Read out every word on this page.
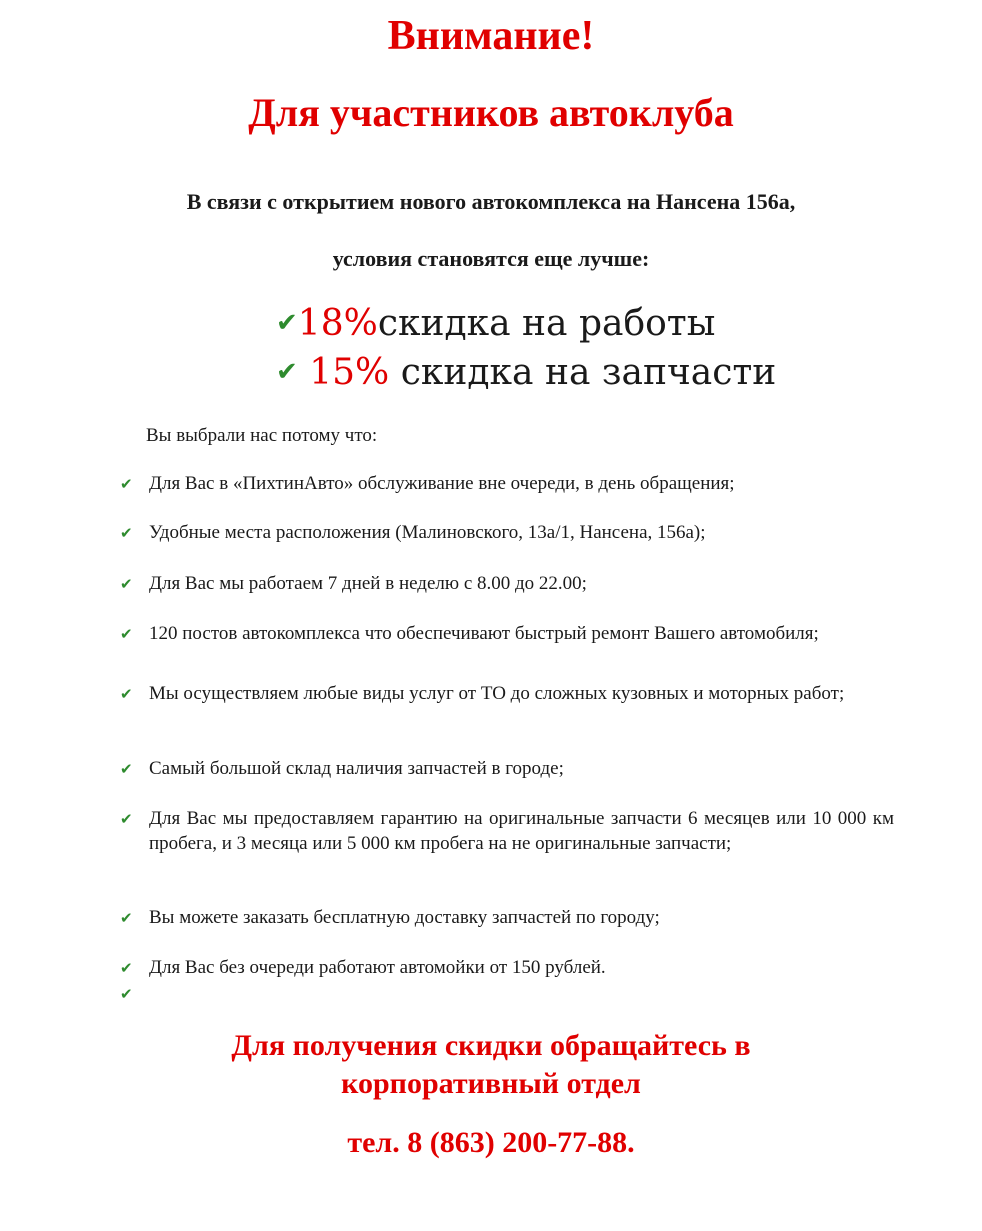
Внимание!
Для участников автоклуба
В связи с открытием нового автокомплекса на Нансена 156а,
условия становятся еще лучше:
✔18%скидка на работы
✔ 15% скидка на запчасти
Вы выбрали нас потому что:
✔ Для Вас в «ПихтинАвто» обслуживание вне очереди, в день обращения;
✔ Удобные места расположения (Малиновского, 13а/1, Нансена, 156а);
✔ Для Вас мы работаем 7 дней в неделю с 8.00 до 22.00;
✔ 120 постов автокомплекса что обеспечивают быстрый ремонт Вашего автомобиля;
✔ Мы осуществляем любые виды услуг от ТО до сложных кузовных и моторных работ;
✔ Самый большой склад наличия запчастей в городе;
✔ Для Вас мы предоставляем гарантию на оригинальные запчасти 6 месяцев или 10 000 км пробега, и 3 месяца или 5 000 км пробега на не оригинальные запчасти;
✔ Вы можете заказать бесплатную доставку запчастей по городу;
✔ Для Вас без очереди работают автомойки от 150 рублей.
✔
Для получения скидки обращайтесь в корпоративный отдел
тел. 8 (863) 200-77-88.
